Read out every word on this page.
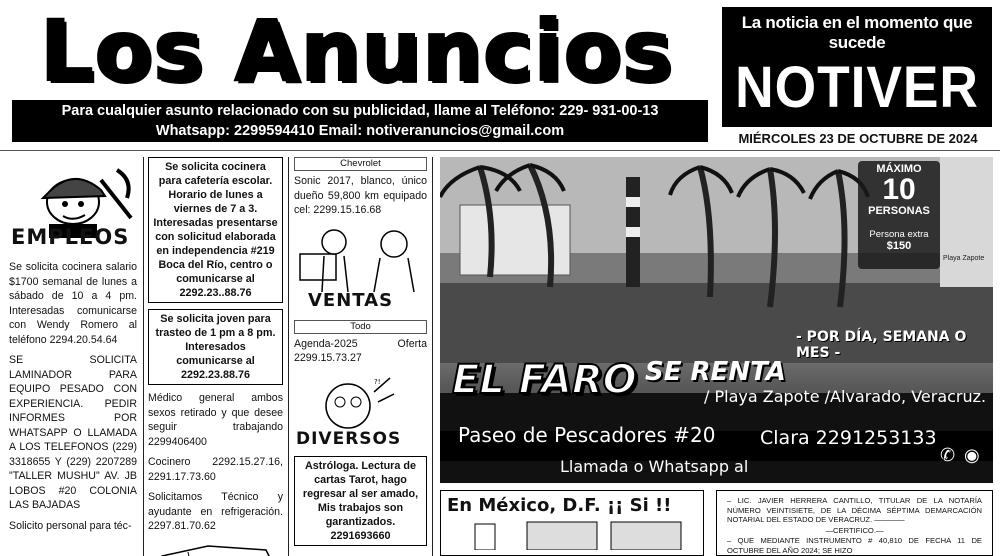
Los Anuncios
Para cualquier asunto relacionado con su publicidad, llame al Teléfono: 229- 931-00-13
Whatsapp: 2299594410 Email: notiveranuncios@gmail.com
La noticia en el momento que sucede
NOTIVER
MIÉRCOLES 23 DE OCTUBRE DE 2024
EMPLEOS
Se solicita cocinera salario $1700 semanal de lunes a sábado de 10 a 4 pm. Interesadas comunicarse con Wendy Romero al teléfono 2294.20.54.64
SE SOLICITA LAMINADOR PARA EQUIPO PESADO CON EXPERIENCIA. PEDIR INFORMES POR WHATSAPP O LLAMADA A LOS TELEFONOS (229) 3318655 Y (229) 2207289 "TALLER MUSHU" AV. JB LOBOS #20 COLONIA LAS BAJADAS
Solicito personal para téc-
Se solicita cocinera para cafetería escolar. Horario de lunes a viernes de 7 a 3. Interesadas presentarse con solicitud elaborada en independencia #219 Boca del Río, centro o comunicarse al 2292.23..88.76
Se solicita joven para trasteo de 1 pm a 8 pm. Interesados comunicarse al 2292.23.88.76
Médico general ambos sexos retirado y que desee seguir trabajando 2299406400
Cocinero 2292.15.27.16, 2291.17.73.60
Solicitamos Técnico y ayudante en refrigeración. 2297.81.70.62
Chevrolet
Sonic 2017, blanco, único dueño 59,800 km equipado cel: 2299.15.16.68
VENTAS
Todo
Agenda-2025 Oferta 2299.15.73.27
?!
DIVERSOS
Astróloga. Lectura de cartas Tarot, hago regresar al ser amado, Mis trabajos son garantizados. 2291693660
MÁXIMO
10
PERSONAS
Persona extra
$150
Playa Zapote
EL FARO SE RENTA
- POR DÍA, SEMANA O MES -
Paseo de Pescadores #20
/ Playa Zapote /Alvarado, Veracruz.
Llamada o Whatsapp al
Clara 2291253133
✆ ◉
En México, D.F. ¡¡ Si !!	– LIC. JAVIER HERRERA CANTILLO, TITULAR DE LA NOTARÍA NÚMERO VEINTISIETE, DE LA DÉCIMA SÉPTIMA DEMARCACIÓN NOTARIAL DEL ESTADO DE VERACRUZ. ————
—CERTIFICO.—
– QUE MEDIANTE INSTRUMENTO # 40,810 DE FECHA 11 DE OCTUBRE DEL AÑO 2024; SE HIZO
